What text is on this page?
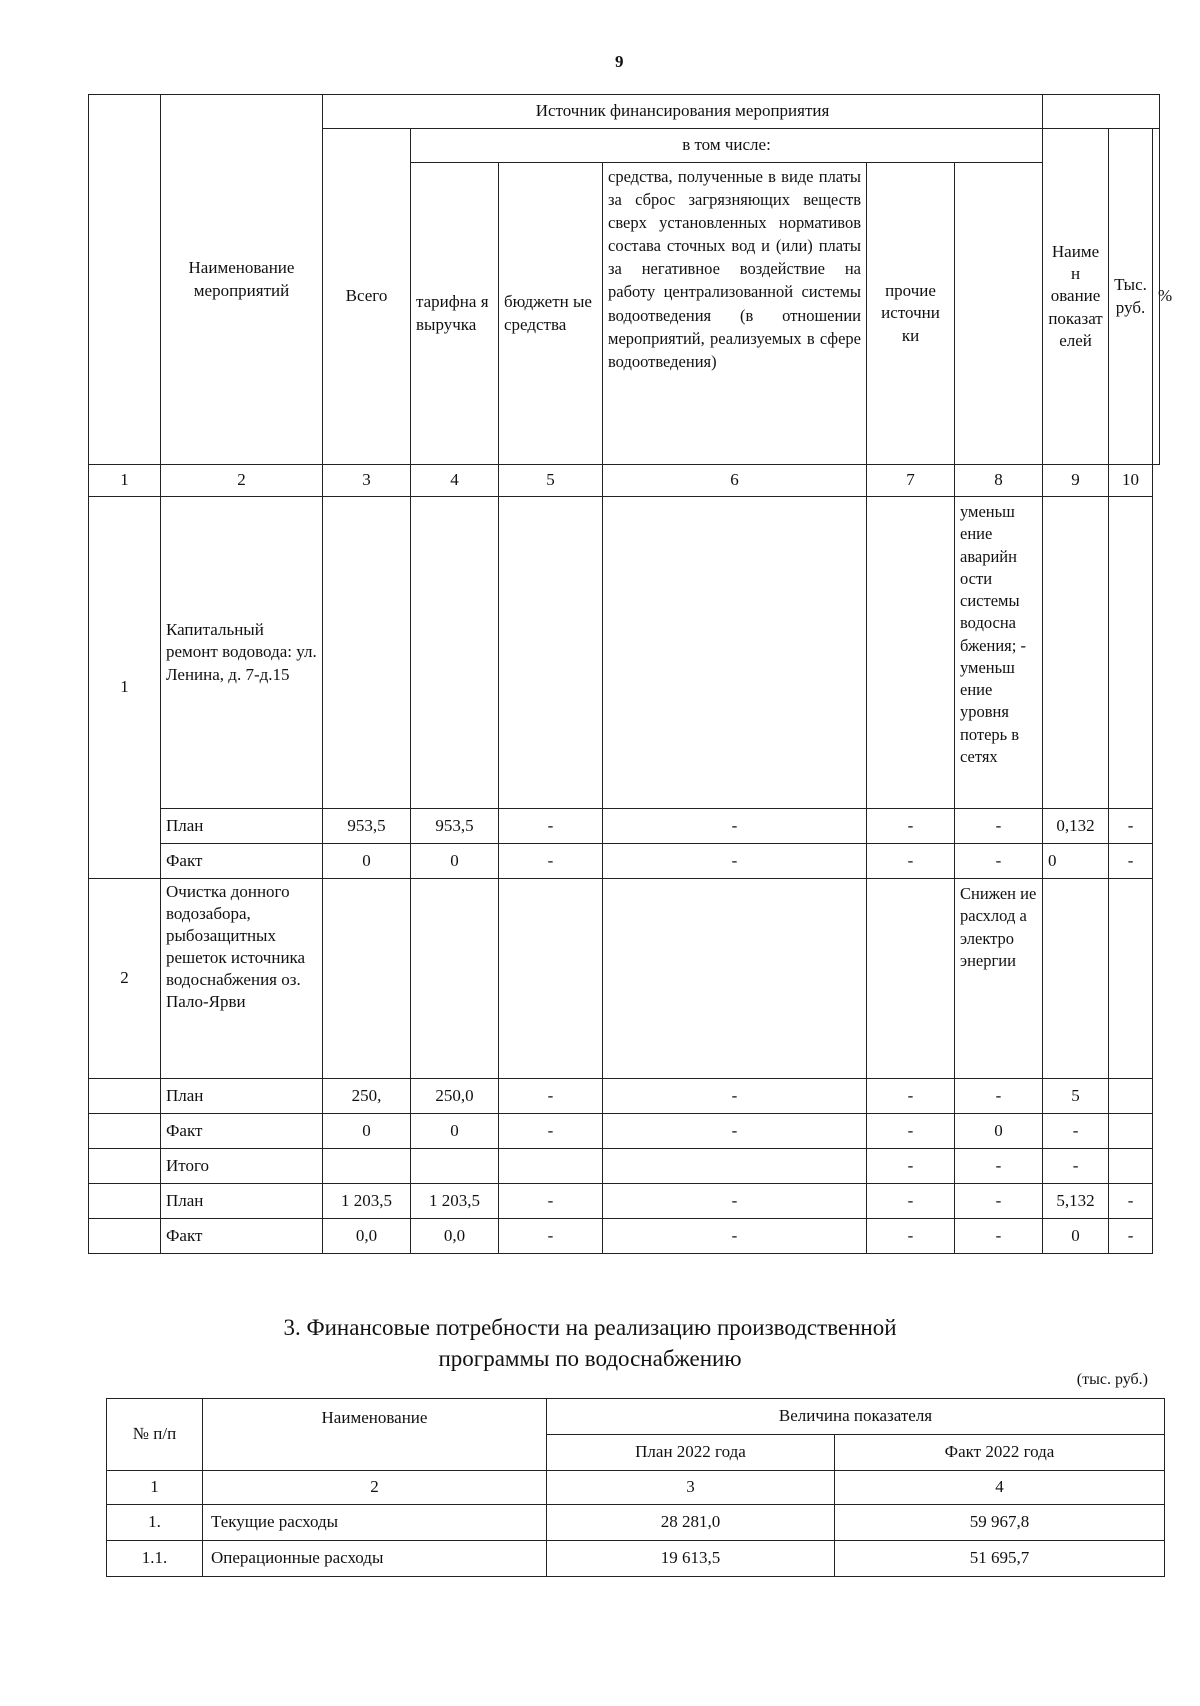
9
	Наименование мероприятий	Источник финансирования мероприятия								
		Всего	в том числе:					Наимен ование показат елей	Тыс. руб.	%
			тарифна я выручка	бюджетн ые средства	средства, полученные в виде платы за сброс загрязняющих веществ сверх установленных нормативов состава сточных вод и (или) платы за негативное воздействие на работу централизованной системы водоотведения (в отношении мероприятий, реализуемых в сфере водоотведения)	прочие источни ки				
1	2	3	4	5	6	7	8	9	10	
1	Капитальный ремонт водовода: ул. Ленина, д. 7-д.15						уменьш ение аварийн ости системы водосна бжения; - уменьш ение уровня потерь в сетях			
	План	953,5	953,5	-	-	-	-	0,132	-	
	Факт	0	0	-	-	-	-	0	-	
2	Очистка донного водозабора, рыбозащитных решеток источника водоснабжения оз. Пало-Ярви						Снижен ие расхлод а электро энергии			
	План	250,	250,0	-	-	-	-	5		
	Факт	0	0	-	-	-	0	-		
	Итого					-	-	-		
	План	1 203,5	1 203,5	-	-	-	-	5,132	-	
	Факт	0,0	0,0	-	-	-	-	0	-	
3. Финансовые потребности на реализацию производственной
программы по водоснабжению
(тыс. руб.)
№ п/п	Наименование	Величина показателя	
		План 2022 года	Факт 2022 года
1	2	3	4
1.	Текущие расходы	28 281,0	59 967,8
1.1.	Операционные расходы	19 613,5	51 695,7
